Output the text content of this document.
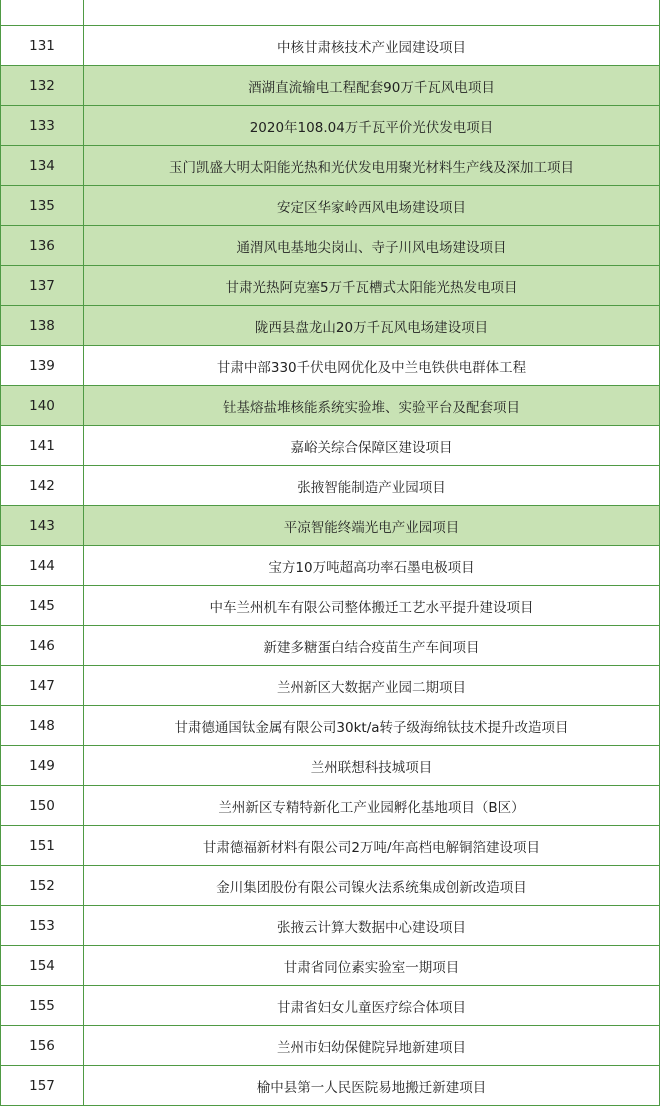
131	中核甘肃核技术产业园建设项目
132	酒湖直流输电工程配套90万千瓦风电项目
133	2020年108.04万千瓦平价光伏发电项目
134	玉门凯盛大明太阳能光热和光伏发电用聚光材料生产线及深加工项目
135	安定区华家岭西风电场建设项目
136	通渭风电基地尖岗山、寺子川风电场建设项目
137	甘肃光热阿克塞5万千瓦槽式太阳能光热发电项目
138	陇西县盘龙山20万千瓦风电场建设项目
139	甘肃中部330千伏电网优化及中兰电铁供电群体工程
140	钍基熔盐堆核能系统实验堆、实验平台及配套项目
141	嘉峪关综合保障区建设项目
142	张掖智能制造产业园项目
143	平凉智能终端光电产业园项目
144	宝方10万吨超高功率石墨电极项目
145	中车兰州机车有限公司整体搬迁工艺水平提升建设项目
146	新建多糖蛋白结合疫苗生产车间项目
147	兰州新区大数据产业园二期项目
148	甘肃德通国钛金属有限公司30kt/a转子级海绵钛技术提升改造项目
149	兰州联想科技城项目
150	兰州新区专精特新化工产业园孵化基地项目（B区）
151	甘肃德福新材料有限公司2万吨/年高档电解铜箔建设项目
152	金川集团股份有限公司镍火法系统集成创新改造项目
153	张掖云计算大数据中心建设项目
154	甘肃省同位素实验室一期项目
155	甘肃省妇女儿童医疗综合体项目
156	兰州市妇幼保健院异地新建项目
157	榆中县第一人民医院易地搬迁新建项目
